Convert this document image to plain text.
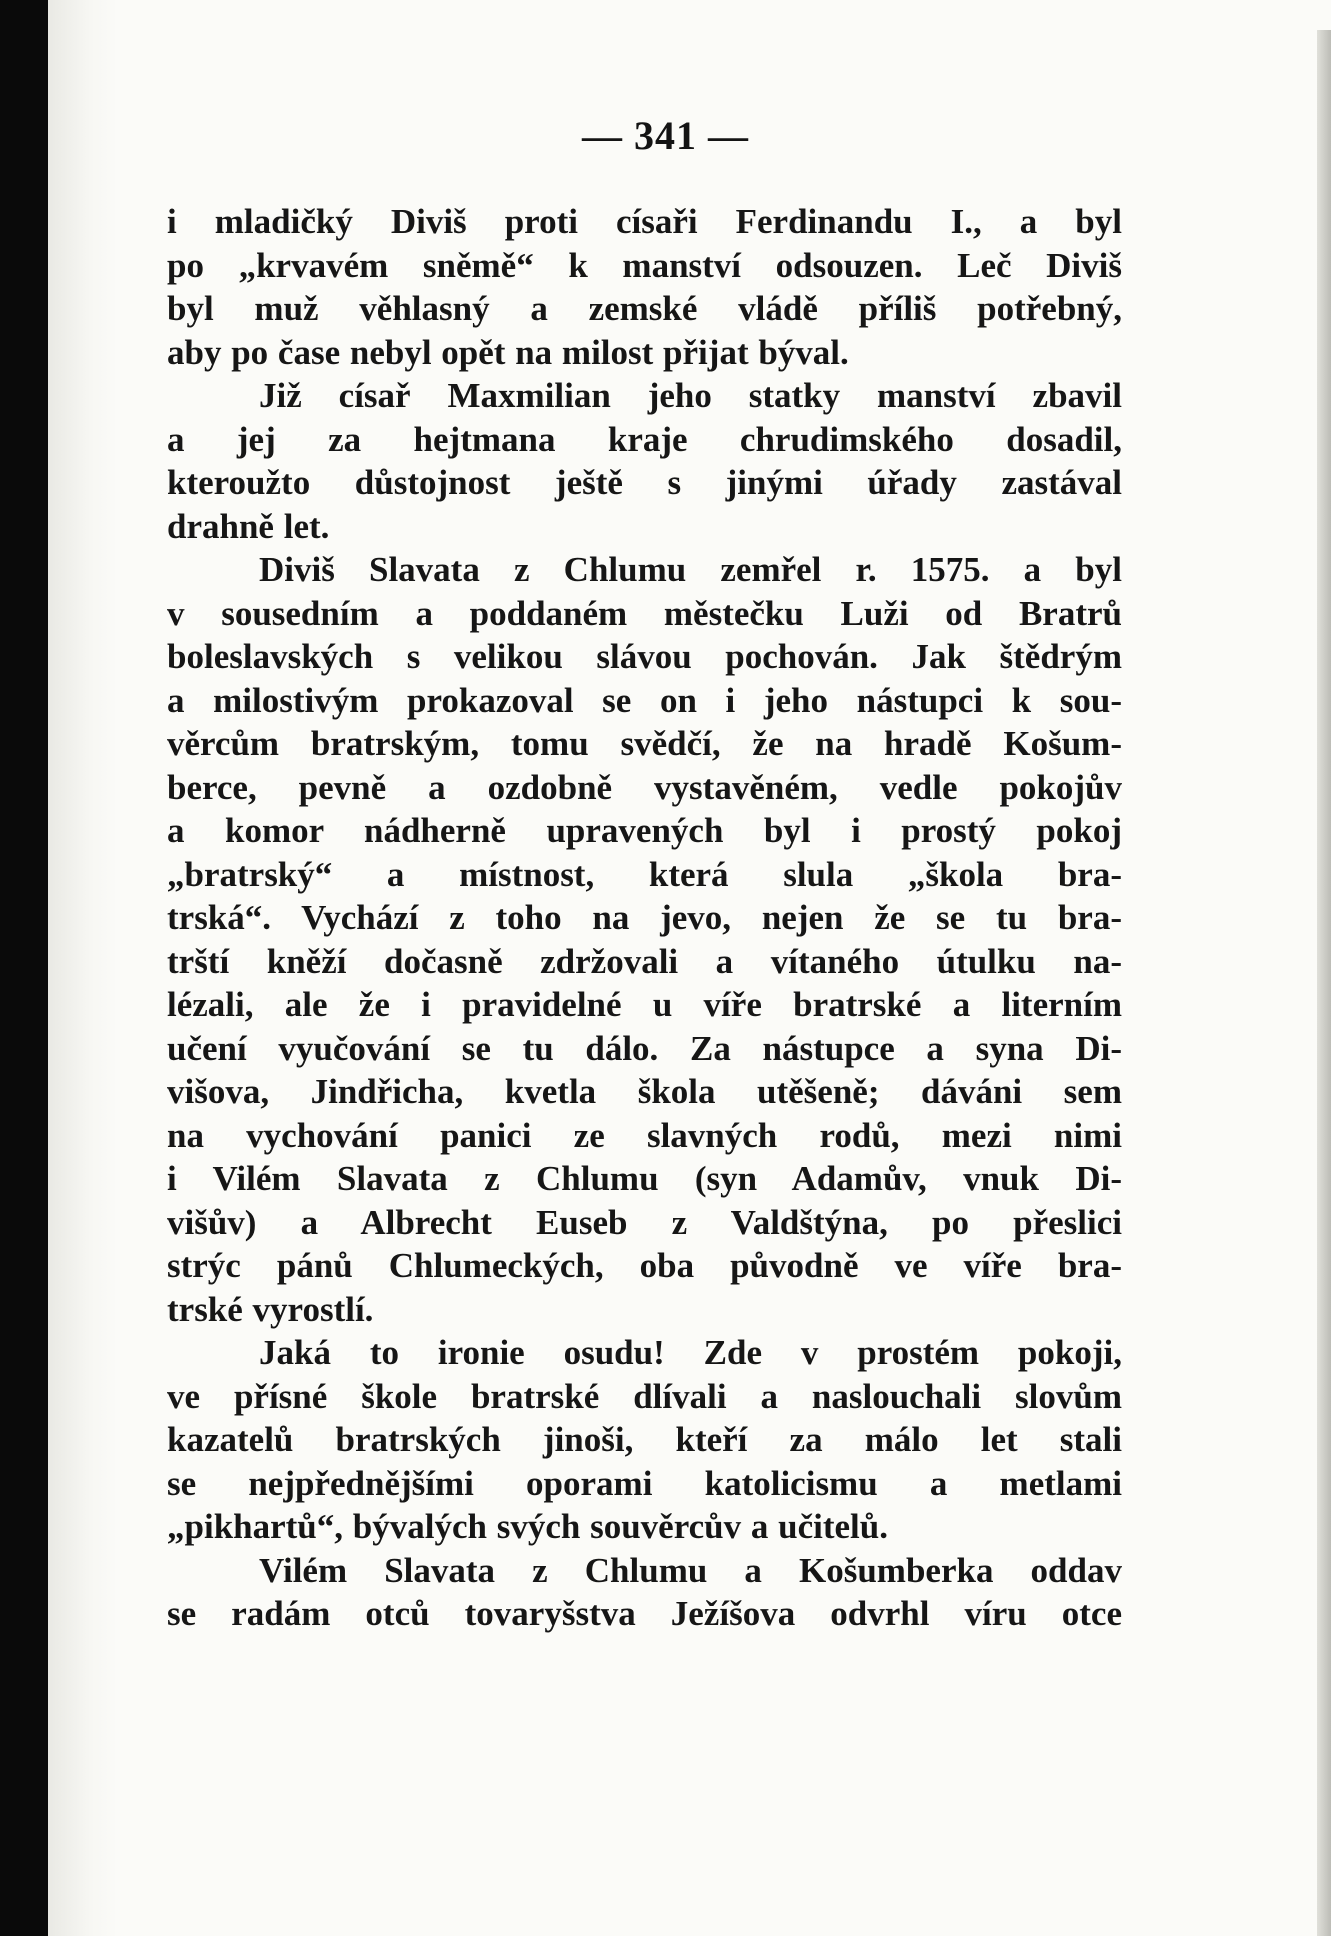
— 341 —
i mladičký Diviš proti císaři Ferdinandu I., a byl
po „krvavém sněmě“ k manství odsouzen. Leč Diviš
byl muž věhlasný a zemské vládě příliš potřebný,
aby po čase nebyl opět na milost přijat býval.
Již císař Maxmilian jeho statky manství zbavil
a jej za hejtmana kraje chrudimského dosadil,
kteroužto důstojnost ještě s jinými úřady zastával
drahně let.
Diviš Slavata z Chlumu zemřel r. 1575. a byl
v sousedním a poddaném městečku Luži od Bratrů
boleslavských s velikou slávou pochován. Jak štědrým
a milostivým prokazoval se on i jeho nástupci k sou-
věrcům bratrským, tomu svědčí, že na hradě Košum-
berce, pevně a ozdobně vystavěném, vedle pokojův
a komor nádherně upravených byl i prostý pokoj
„bratrský“ a místnost, která slula „škola bra-
trská“. Vychází z toho na jevo, nejen že se tu bra-
trští kněží dočasně zdržovali a vítaného útulku na-
lézali, ale že i pravidelné u víře bratrské a literním
učení vyučování se tu dálo. Za nástupce a syna Di-
višova, Jindřicha, kvetla škola utěšeně; dáváni sem
na vychování panici ze slavných rodů, mezi nimi
i Vilém Slavata z Chlumu (syn Adamův, vnuk Di-
višův) a Albrecht Euseb z Valdštýna, po přeslici
strýc pánů Chlumeckých, oba původně ve víře bra-
trské vyrostlí.
Jaká to ironie osudu! Zde v prostém pokoji,
ve přísné škole bratrské dlívali a naslouchali slovům
kazatelů bratrských jinoši, kteří za málo let stali
se nejpřednějšími oporami katolicismu a metlami
„pikhartů“, bývalých svých souvěrcův a učitelů.
Vilém Slavata z Chlumu a Košumberka oddav
se radám otců tovaryšstva Ježíšova odvrhl víru otce
